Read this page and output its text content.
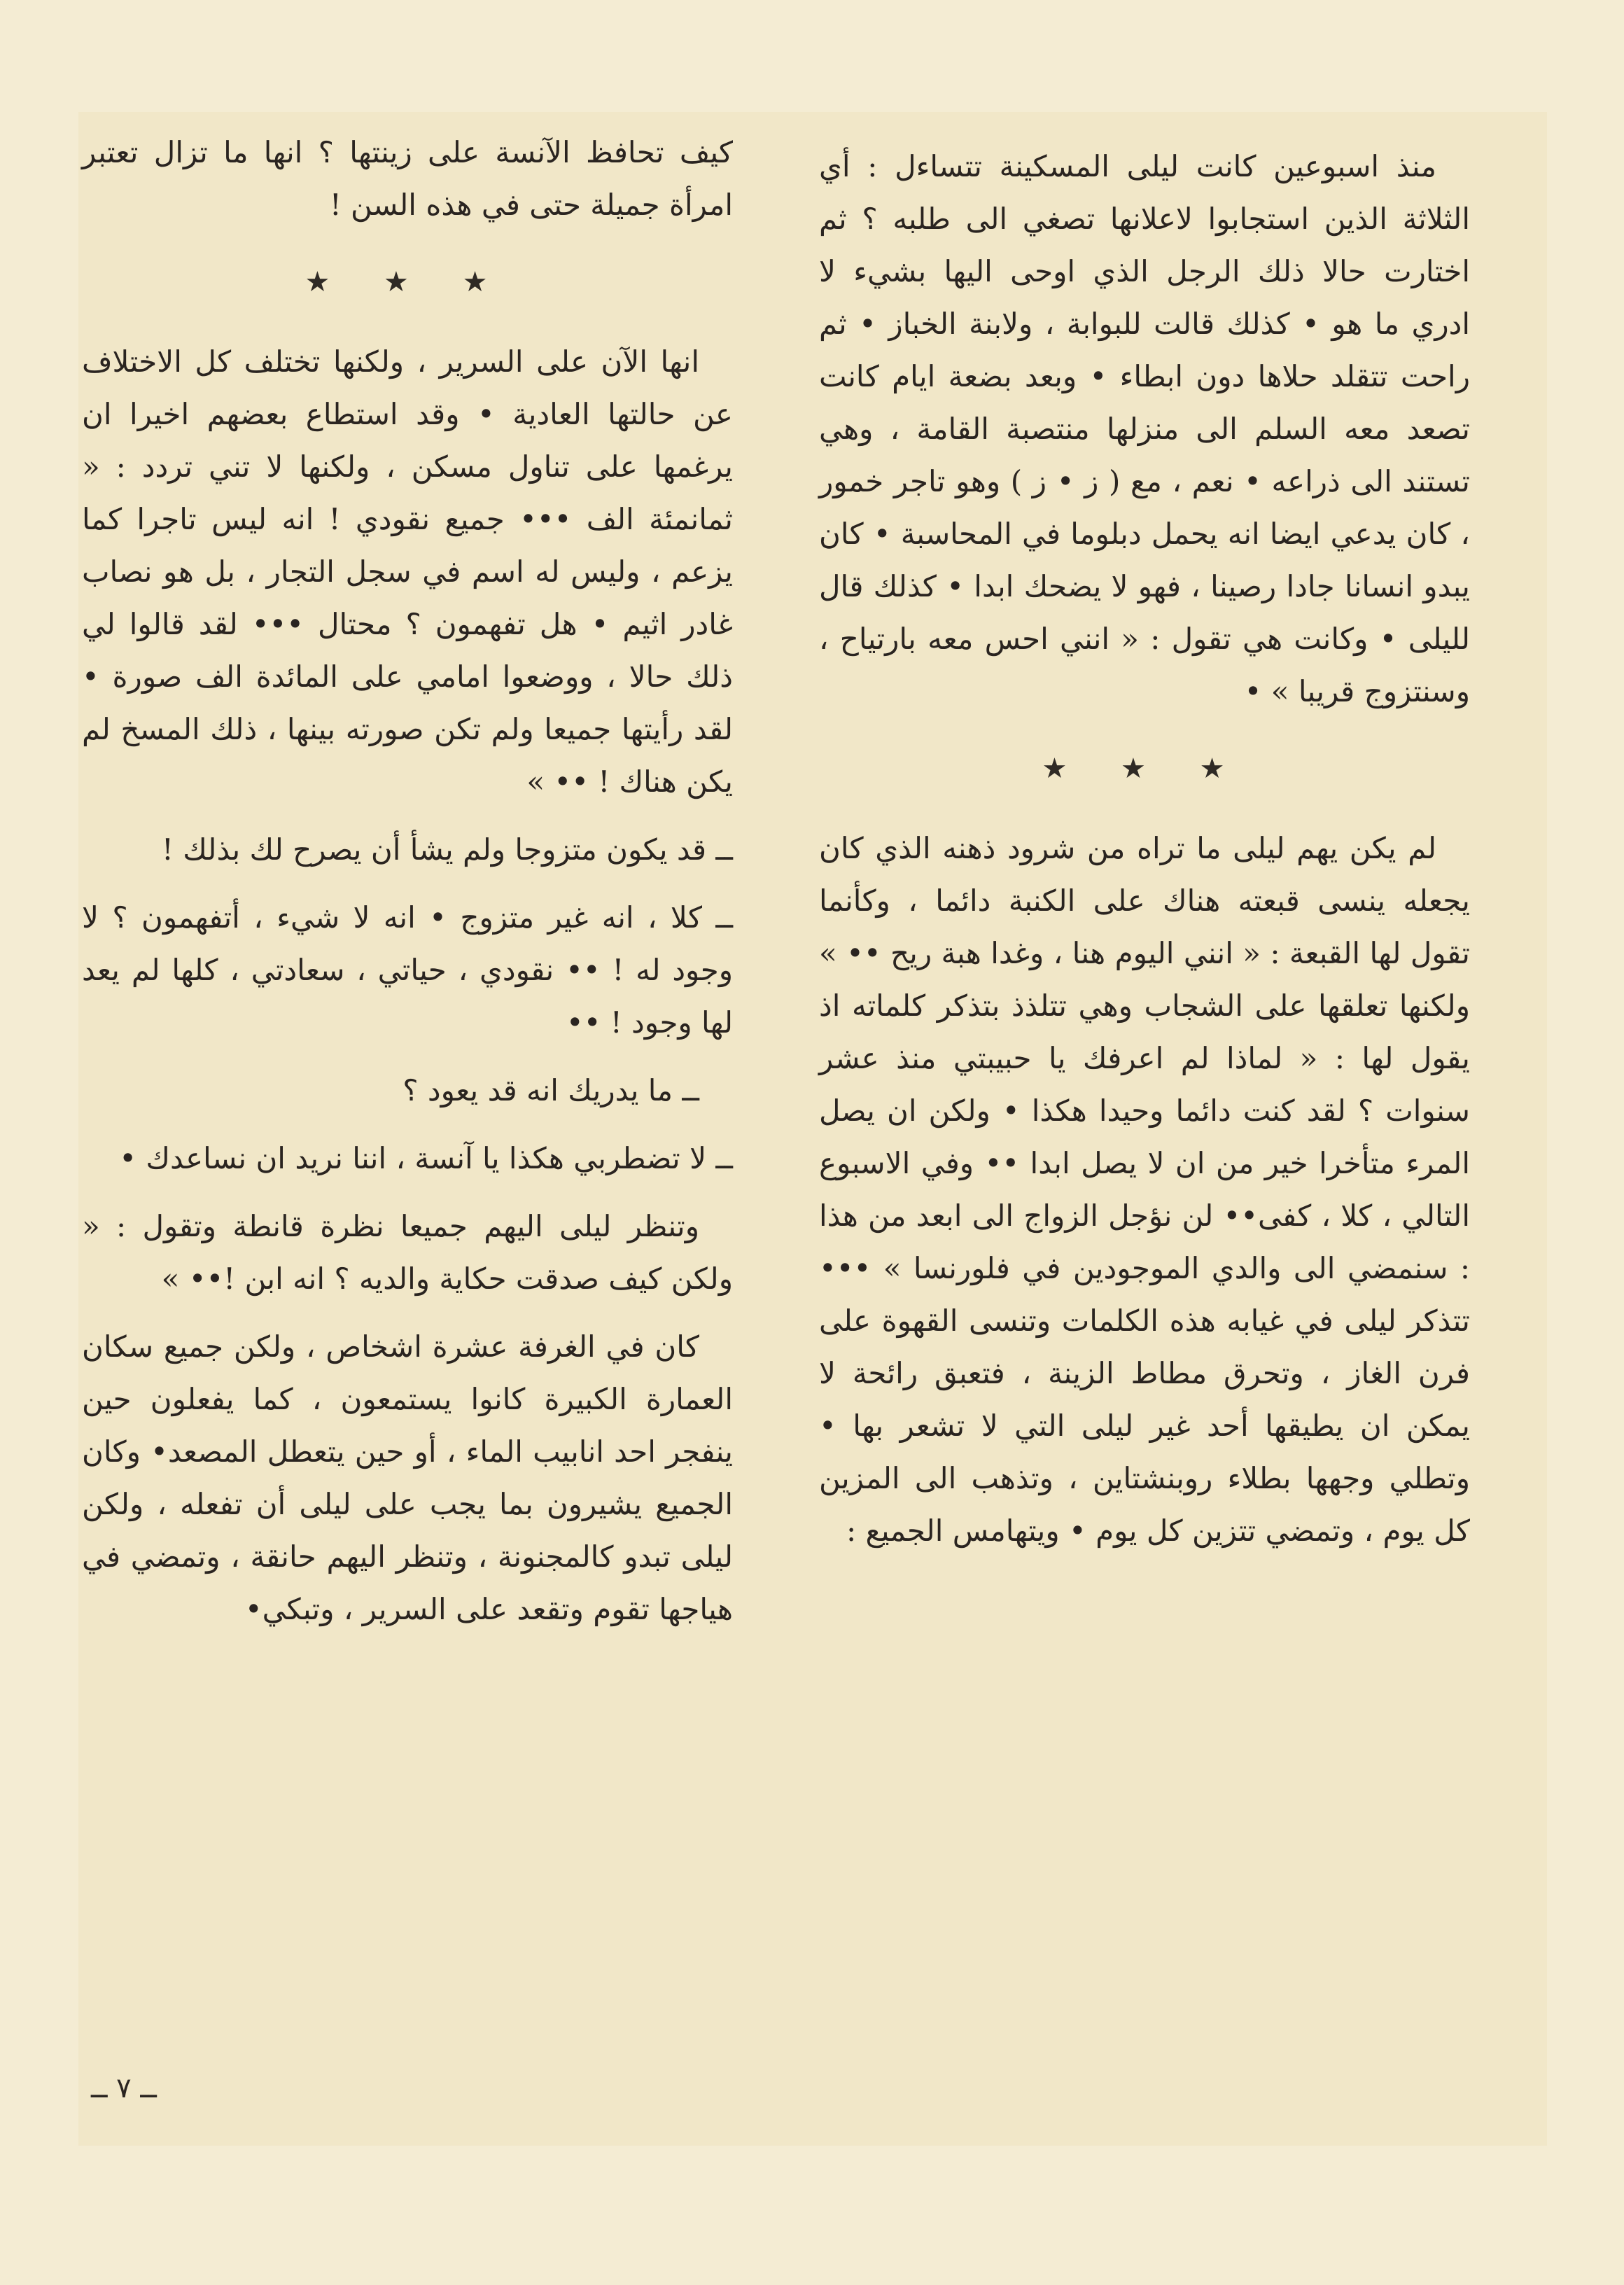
منذ اسبوعين كانت ليلى المسكينة تتساءل : أي الثلاثة الذين استجابوا لاعلانها تصغي الى طلبه ؟ ثم اختارت حالا ذلك الرجل الذي اوحى اليها بشيء لا ادري ما هو • كذلك قالت للبوابة ، ولابنة الخباز • ثم راحت تتقلد حلاها دون ابطاء • وبعد بضعة ايام كانت تصعد معه السلم الى منزلها منتصبة القامة ، وهي تستند الى ذراعه • نعم ، مع ( ز • ز ) وهو تاجر خمور ، كان يدعي ايضا انه يحمل دبلوما في المحاسبة • كان يبدو انسانا جادا رصينا ، فهو لا يضحك ابدا • كذلك قال لليلى • وكانت هي تقول : « انني احس معه بارتياح ، وسنتزوج قريبا » •

★ ★ ★

لم يكن يهم ليلى ما تراه من شرود ذهنه الذي كان يجعله ينسى قبعته هناك على الكنبة دائما ، وكأنما تقول لها القبعة : « انني اليوم هنا ، وغدا هبة ريح •• » ولكنها تعلقها على الشجاب وهي تتلذذ بتذكر كلماته اذ يقول لها : « لماذا لم اعرفك يا حبيبتي منذ عشر سنوات ؟ لقد كنت دائما وحيدا هكذا • ولكن ان يصل المرء متأخرا خير من ان لا يصل ابدا •• وفي الاسبوع التالي ، كلا ، كفى•• لن نؤجل الزواج الى ابعد من هذا : سنمضي الى والدي الموجودين في فلورنسا » ••• تتذكر ليلى في غيابه هذه الكلمات وتنسى القهوة على فرن الغاز ، وتحرق مطاط الزينة ، فتعبق رائحة لا يمكن ان يطيقها أحد غير ليلى التي لا تشعر بها • وتطلي وجهها بطلاء روبنشتاين ، وتذهب الى المزين كل يوم ، وتمضي تتزين كل يوم • ويتهامس الجميع :

كيف تحافظ الآنسة على زينتها ؟ انها ما تزال تعتبر امرأة جميلة حتى في هذه السن !

★ ★ ★

انها الآن على السرير ، ولكنها تختلف كل الاختلاف عن حالتها العادية • وقد استطاع بعضهم اخيرا ان يرغمها على تناول مسكن ، ولكنها لا تني تردد : « ثمانمئة الف ••• جميع نقودي ! انه ليس تاجرا كما يزعم ، وليس له اسم في سجل التجار ، بل هو نصاب غادر اثيم • هل تفهمون ؟ محتال ••• لقد قالوا لي ذلك حالا ، ووضعوا امامي على المائدة الف صورة • لقد رأيتها جميعا ولم تكن صورته بينها ، ذلك المسخ لم يكن هناك ! •• »

ــ قد يكون متزوجا ولم يشأ أن يصرح لك بذلك !

ــ كلا ، انه غير متزوج • انه لا شيء ، أتفهمون ؟ لا وجود له ! •• نقودي ، حياتي ، سعادتي ، كلها لم يعد لها وجود ! ••

ــ ما يدريك انه قد يعود ؟

ــ لا تضطربي هكذا يا آنسة ، اننا نريد ان نساعدك •

وتنظر ليلى اليهم جميعا نظرة قانطة وتقول : « ولكن كيف صدقت حكاية والديه ؟ انه ابن !•• »

كان في الغرفة عشرة اشخاص ، ولكن جميع سكان العمارة الكبيرة كانوا يستمعون ، كما يفعلون حين ينفجر احد انابيب الماء ، أو حين يتعطل المصعد• وكان الجميع يشيرون بما يجب على ليلى أن تفعله ، ولكن ليلى تبدو كالمجنونة ، وتنظر اليهم حانقة ، وتمضي في هياجها تقوم وتقعد على السرير ، وتبكي•

ــ ٧ ــ
